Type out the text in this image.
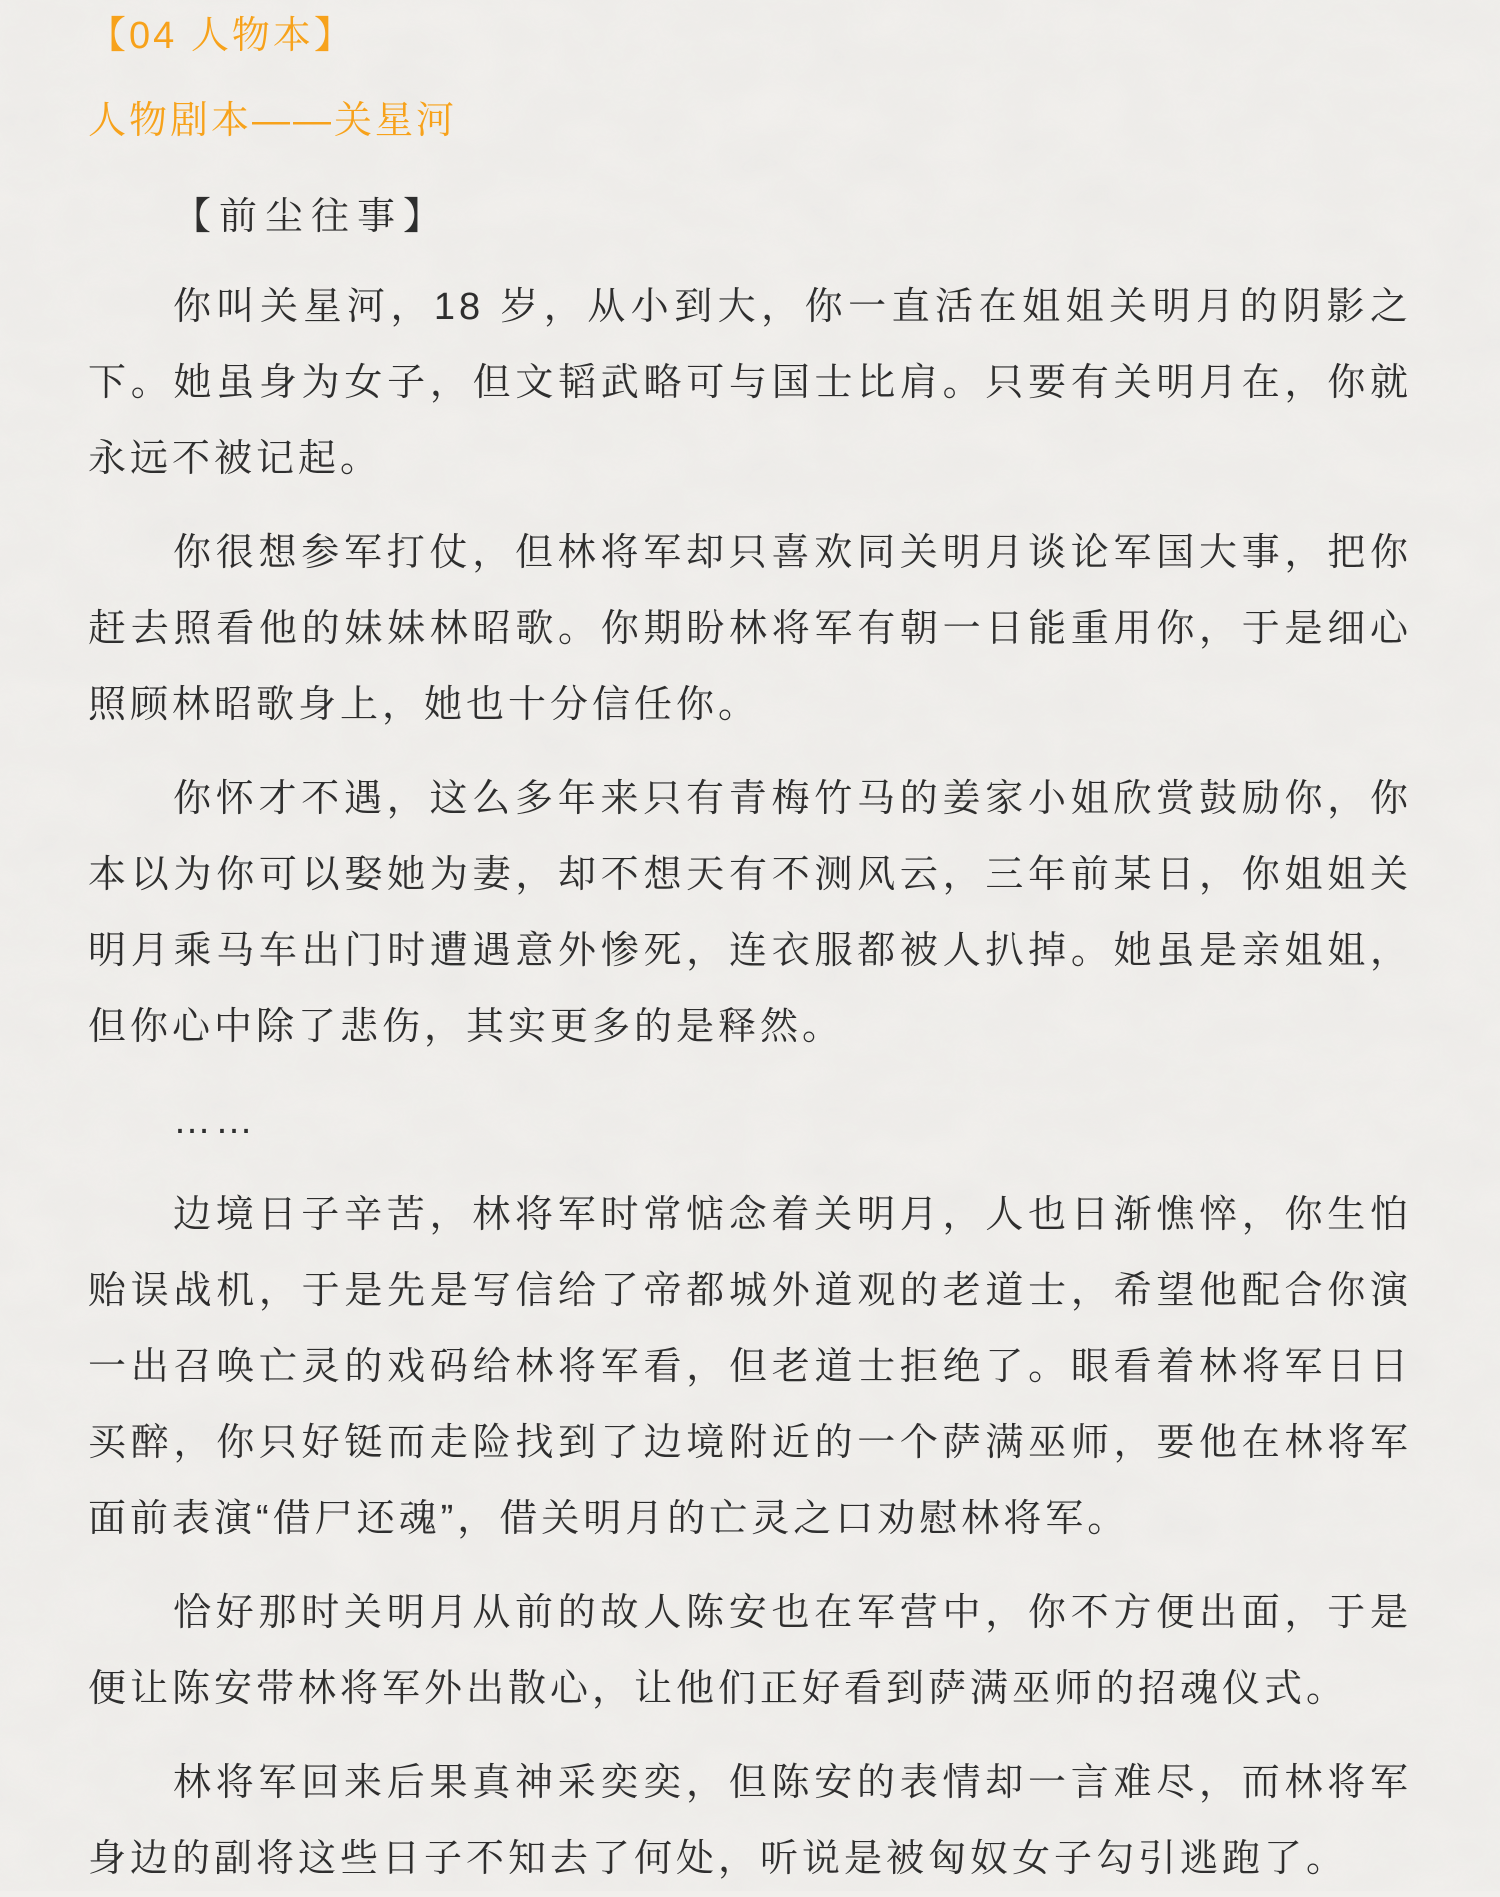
【04 人物本】
人物剧本——关星河
【前尘往事】

你叫关星河，18 岁，从小到大，你一直活在姐姐关明月的阴影之下。她虽身为女子，但文韬武略可与国士比肩。只要有关明月在，你就永远不被记起。

你很想参军打仗，但林将军却只喜欢同关明月谈论军国大事，把你赶去照看他的妹妹林昭歌。你期盼林将军有朝一日能重用你，于是细心照顾林昭歌身上，她也十分信任你。

你怀才不遇，这么多年来只有青梅竹马的姜家小姐欣赏鼓励你，你本以为你可以娶她为妻，却不想天有不测风云，三年前某日，你姐姐关明月乘马车出门时遭遇意外惨死，连衣服都被人扒掉。她虽是亲姐姐，但你心中除了悲伤，其实更多的是释然。

……

边境日子辛苦，林将军时常惦念着关明月，人也日渐憔悴，你生怕贻误战机，于是先是写信给了帝都城外道观的老道士，希望他配合你演一出召唤亡灵的戏码给林将军看，但老道士拒绝了。眼看着林将军日日买醉，你只好铤而走险找到了边境附近的一个萨满巫师，要他在林将军面前表演“借尸还魂”，借关明月的亡灵之口劝慰林将军。

恰好那时关明月从前的故人陈安也在军营中，你不方便出面，于是便让陈安带林将军外出散心，让他们正好看到萨满巫师的招魂仪式。

林将军回来后果真神采奕奕，但陈安的表情却一言难尽，而林将军身边的副将这些日子不知去了何处，听说是被匈奴女子勾引逃跑了。
